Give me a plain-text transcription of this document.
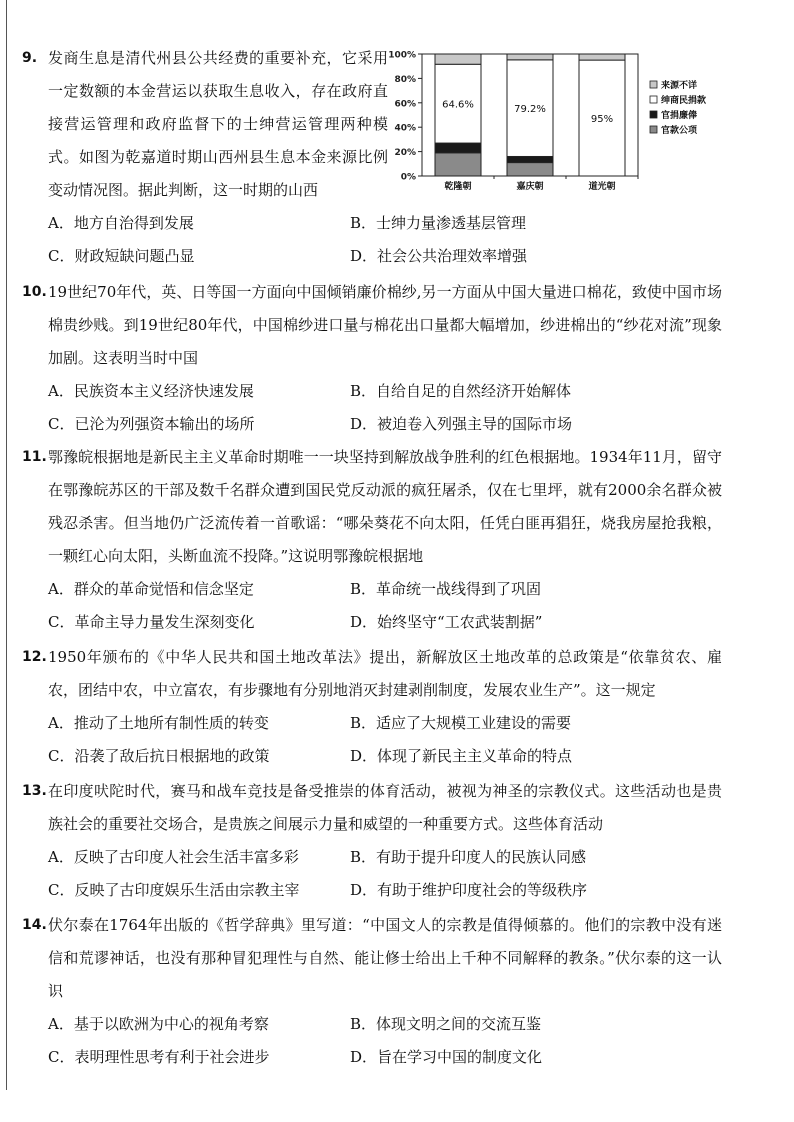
9. 发商生息是清代州县公共经费的重要补充，它采用一定数额的本金营运以获取生息收入，存在政府直接营运管理和政府监督下的士绅营运管理两种模式。如图为乾嘉道时期山西州县生息本金来源比例变动情况图。据此判断，这一时期的山西
A．地方自治得到发展	B．士绅力量渗透基层管理
C．财政短缺问题凸显	D．社会公共治理效率增强
0%
20%
40%
60%
80%
100%
乾隆朝
64.6%
嘉庆朝
79.2%
道光朝
95%
来源不详
绅商民捐款
官捐廉俸
官款公项
10. 19世纪70年代，英、日等国一方面向中国倾销廉价棉纱,另一方面从中国大量进口棉花，致使中国市场棉贵纱贱。到19世纪80年代，中国棉纱进口量与棉花出口量都大幅增加，纱进棉出的“纱花对流”现象加剧。这表明当时中国
A．民族资本主义经济快速发展	B．自给自足的自然经济开始解体
C．已沦为列强资本输出的场所	D．被迫卷入列强主导的国际市场
11. 鄂豫皖根据地是新民主主义革命时期唯一一块坚持到解放战争胜利的红色根据地。1934年11月，留守在鄂豫皖苏区的干部及数千名群众遭到国民党反动派的疯狂屠杀，仅在七里坪，就有2000余名群众被残忍杀害。但当地仍广泛流传着一首歌谣：“哪朵葵花不向太阳，任凭白匪再猖狂，烧我房屋抢我粮，一颗红心向太阳，头断血流不投降。”这说明鄂豫皖根据地
A．群众的革命觉悟和信念坚定	B．革命统一战线得到了巩固
C．革命主导力量发生深刻变化	D．始终坚守“工农武装割据”
12. 1950年颁布的《中华人民共和国土地改革法》提出，新解放区土地改革的总政策是“依靠贫农、雇农，团结中农，中立富农，有步骤地有分别地消灭封建剥削制度，发展农业生产”。这一规定
A．推动了土地所有制性质的转变	B．适应了大规模工业建设的需要
C．沿袭了敌后抗日根据地的政策	D．体现了新民主主义革命的特点
13. 在印度吠陀时代，赛马和战车竞技是备受推崇的体育活动，被视为神圣的宗教仪式。这些活动也是贵族社会的重要社交场合，是贵族之间展示力量和威望的一种重要方式。这些体育活动
A．反映了古印度人社会生活丰富多彩	B．有助于提升印度人的民族认同感
C．反映了古印度娱乐生活由宗教主宰	D．有助于维护印度社会的等级秩序
14. 伏尔泰在1764年出版的《哲学辞典》里写道：“中国文人的宗教是值得倾慕的。他们的宗教中没有迷信和荒谬神话，也没有那种冒犯理性与自然、能让修士给出上千种不同解释的教条。”伏尔泰的这一认识
A．基于以欧洲为中心的视角考察	B．体现文明之间的交流互鉴
C．表明理性思考有利于社会进步	D．旨在学习中国的制度文化
